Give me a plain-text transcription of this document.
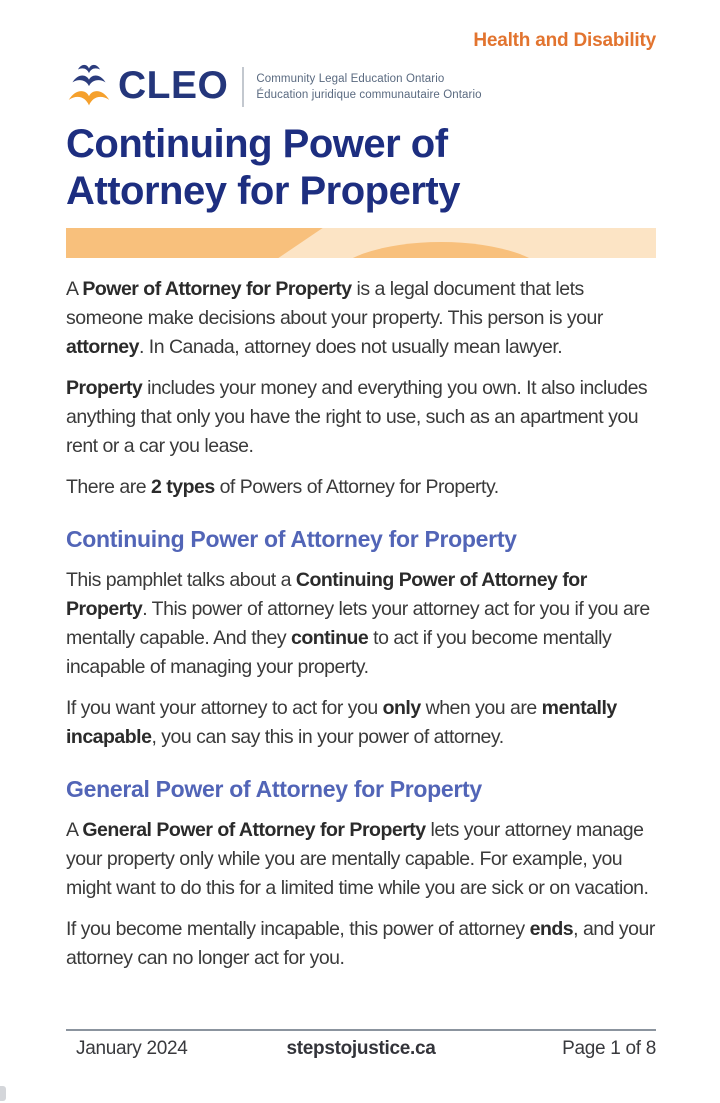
Health and Disability
CLEO Community Legal Education Ontario
Éducation juridique communautaire Ontario
Continuing Power of
Attorney for Property

A Power of Attorney for Property is a legal document that lets someone make decisions about your property. This person is your attorney. In Canada, attorney does not usually mean lawyer.

Property includes your money and everything you own. It also includes anything that only you have the right to use, such as an apartment you rent or a car you lease.

There are 2 types of Powers of Attorney for Property.

Continuing Power of Attorney for Property

This pamphlet talks about a Continuing Power of Attorney for Property. This power of attorney lets your attorney act for you if you are mentally capable. And they continue to act if you become mentally incapable of managing your property.

If you want your attorney to act for you only when you are mentally incapable, you can say this in your power of attorney.

General Power of Attorney for Property

A General Power of Attorney for Property lets your attorney manage your property only while you are mentally capable. For example, you might want to do this for a limited time while you are sick or on vacation.

If you become mentally incapable, this power of attorney ends, and your attorney can no longer act for you.

January 2024	stepstojustice.ca	Page 1 of 8
